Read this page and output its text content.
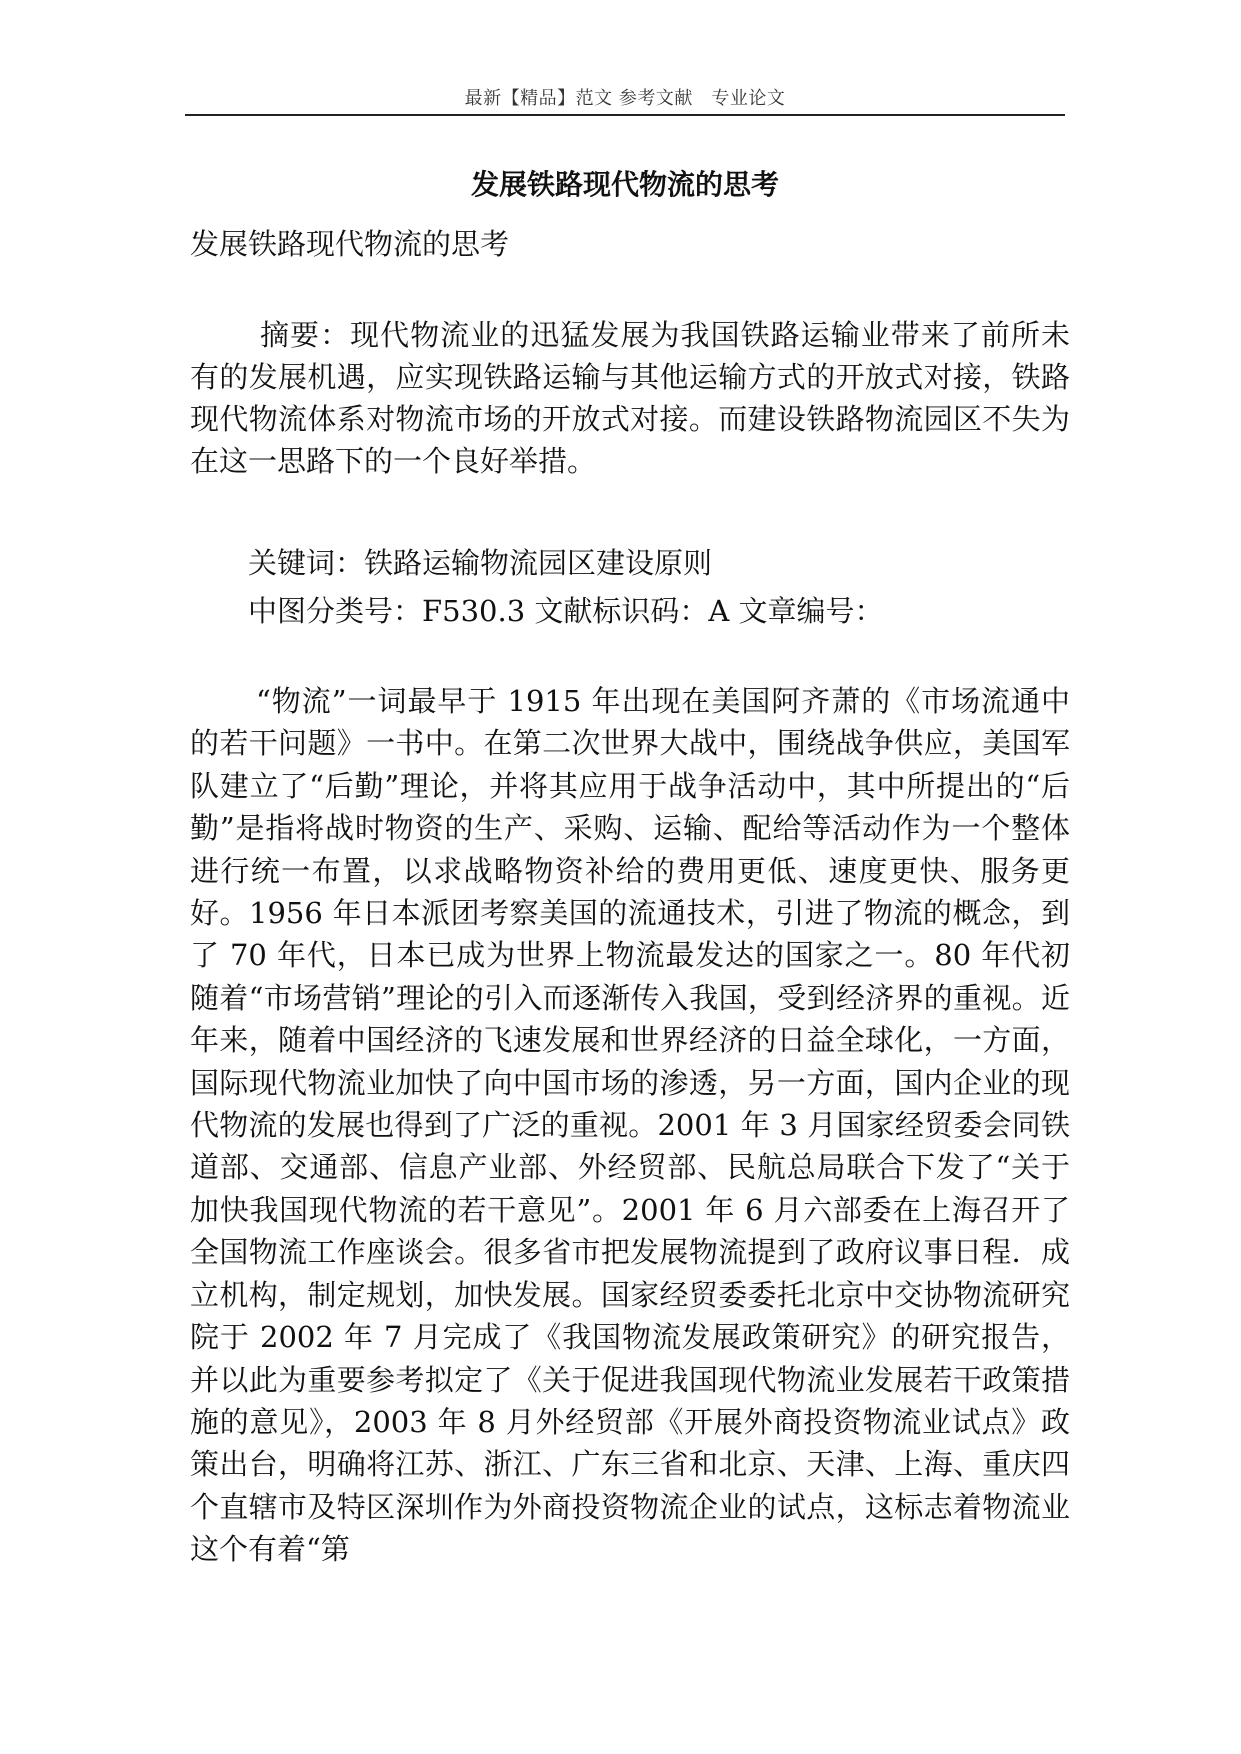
最新【精品】范文 参考文献　专业论文
发展铁路现代物流的思考
发展铁路现代物流的思考
摘要：现代物流业的迅猛发展为我国铁路运输业带来了前所未有的发展机遇，应实现铁路运输与其他运输方式的开放式对接，铁路现代物流体系对物流市场的开放式对接。而建设铁路物流园区不失为在这一思路下的一个良好举措。
关键词：铁路运输物流园区建设原则
中图分类号：F530.3 文献标识码：A 文章编号：
“物流”一词最早于 1915 年出现在美国阿齐萧的《市场流通中的若干问题》一书中。在第二次世界大战中，围绕战争供应，美国军队建立了“后勤”理论，并将其应用于战争活动中，其中所提出的“后勤”是指将战时物资的生产、采购、运输、配给等活动作为一个整体进行统一布置，以求战略物资补给的费用更低、速度更快、服务更好。1956 年日本派团考察美国的流通技术，引进了物流的概念，到了 70 年代，日本已成为世界上物流最发达的国家之一。80 年代初随着“市场营销”理论的引入而逐渐传入我国，受到经济界的重视。近年来，随着中国经济的飞速发展和世界经济的日益全球化，一方面，国际现代物流业加快了向中国市场的渗透，另一方面，国内企业的现代物流的发展也得到了广泛的重视。2001 年 3 月国家经贸委会同铁道部、交通部、信息产业部、外经贸部、民航总局联合下发了“关于加快我国现代物流的若干意见”。2001 年 6 月六部委在上海召开了全国物流工作座谈会。很多省市把发展物流提到了政府议事日程．成立机构，制定规划，加快发展。国家经贸委委托北京中交协物流研究院于 2002 年 7 月完成了《我国物流发展政策研究》的研究报告，并以此为重要参考拟定了《关于促进我国现代物流业发展若干政策措施的意见》，2003 年 8 月外经贸部《开展外商投资物流业试点》政策出台，明确将江苏、浙江、广东三省和北京、天津、上海、重庆四个直辖市及特区深圳作为外商投资物流企业的试点，这标志着物流业这个有着“第
